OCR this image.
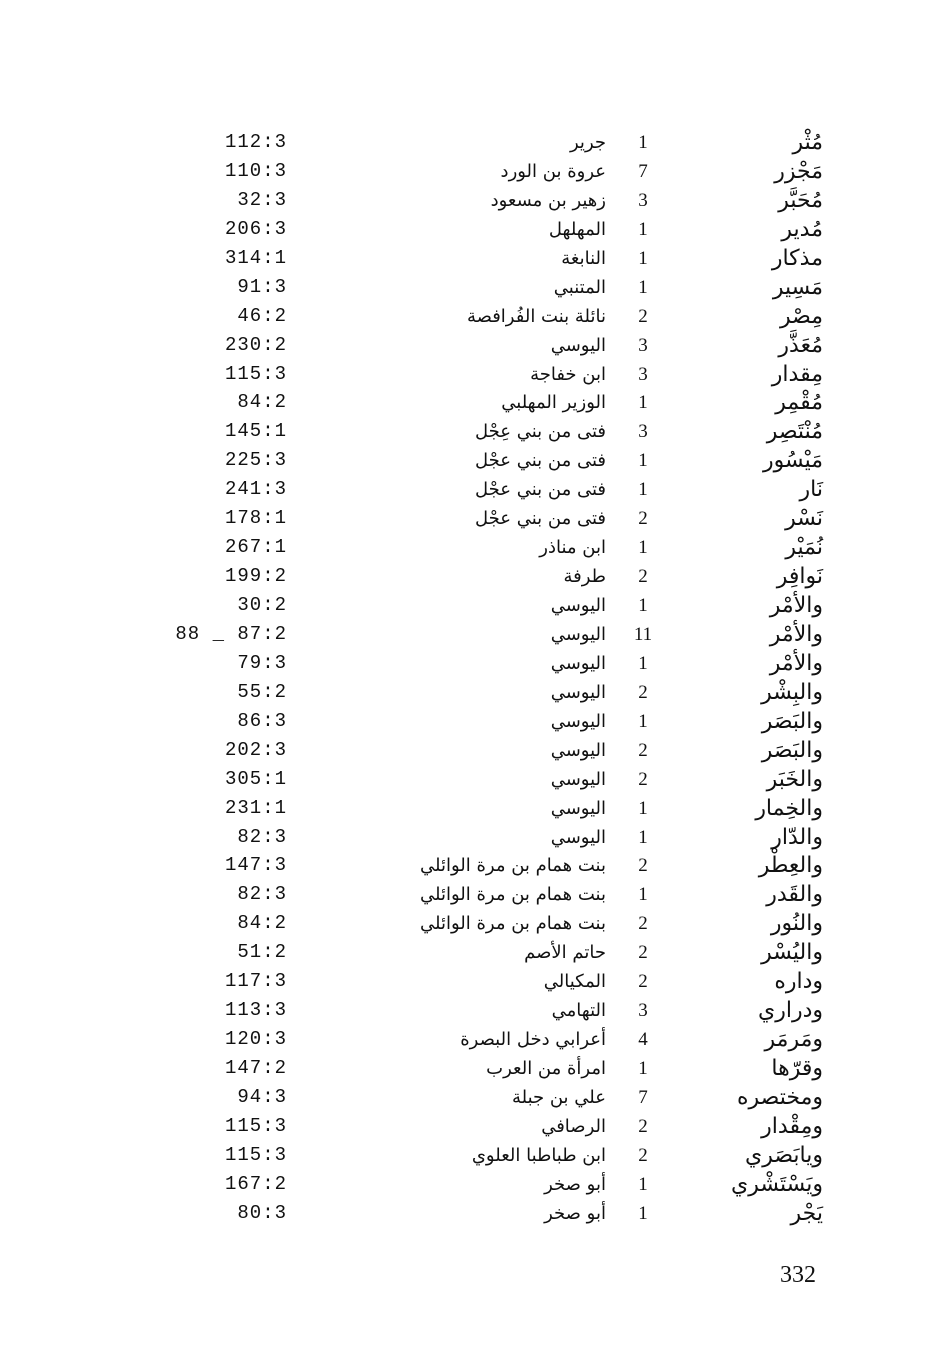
مُثْر
1
جرير
112:3
مَجْزر
7
عروة بن الورد
110:3
مُحَبَّر
3
زهير بن مسعود
32:3
مُدير
1
المهلهل
206:3
مذكار
1
النابغة
314:1
مَسِير
1
المتنبي
91:3
مِصْر
2
نائلة بنت الفُرافصة
46:2
مُعَذَّر
3
اليوسي
230:2
مِقدار
3
ابن خفاجة
115:3
مُقْمِر
1
الوزير المهلبي
84:2
مُنْتَصِر
3
فتى من بني عِجْل
145:1
مَيْسُور
1
فتى من بني عجْل
225:3
نَار
1
فتى من بني عجْل
241:3
نَسْر
2
فتى من بني عجْل
178:1
نُمَيْر
1
ابن مناذر
267:1
نَوافِر
2
طرفة
199:2
والأمْر
1
اليوسي
30:2
والأمْر
11
اليوسي
88 _ 87:2
والأمْر
1
اليوسي
79:3
والبِشْر
2
اليوسي
55:2
والبَصَر
1
اليوسي
86:3
والبَصَر
2
اليوسي
202:3
والخَبَر
2
اليوسي
305:1
والخِمار
1
اليوسي
231:1
والدّار
1
اليوسي
82:3
والعِطْر
2
بنت همام بن مرة الوائلي
147:3
والقَدر
1
بنت همام بن مرة الوائلي
82:3
والنُور
2
بنت همام بن مرة الوائلي
84:2
واليُسْر
2
حاتم الأصم
51:2
وداره
2
المكيالي
117:3
ودراري
3
التهامي
113:3
ومَرمَر
4
أعرابي دخل البصرة
120:3
وقرّها
1
امرأة من العرب
147:2
ومختصره
7
علي بن جبلة
94:3
ومِقْدار
2
الرصافي
115:3
ويابَصَري
2
ابن طباطبا العلوي
115:3
ويَسْتَشْري
1
أبو صخر
167:2
يَجْر
1
أبو صخر
80:3
332
